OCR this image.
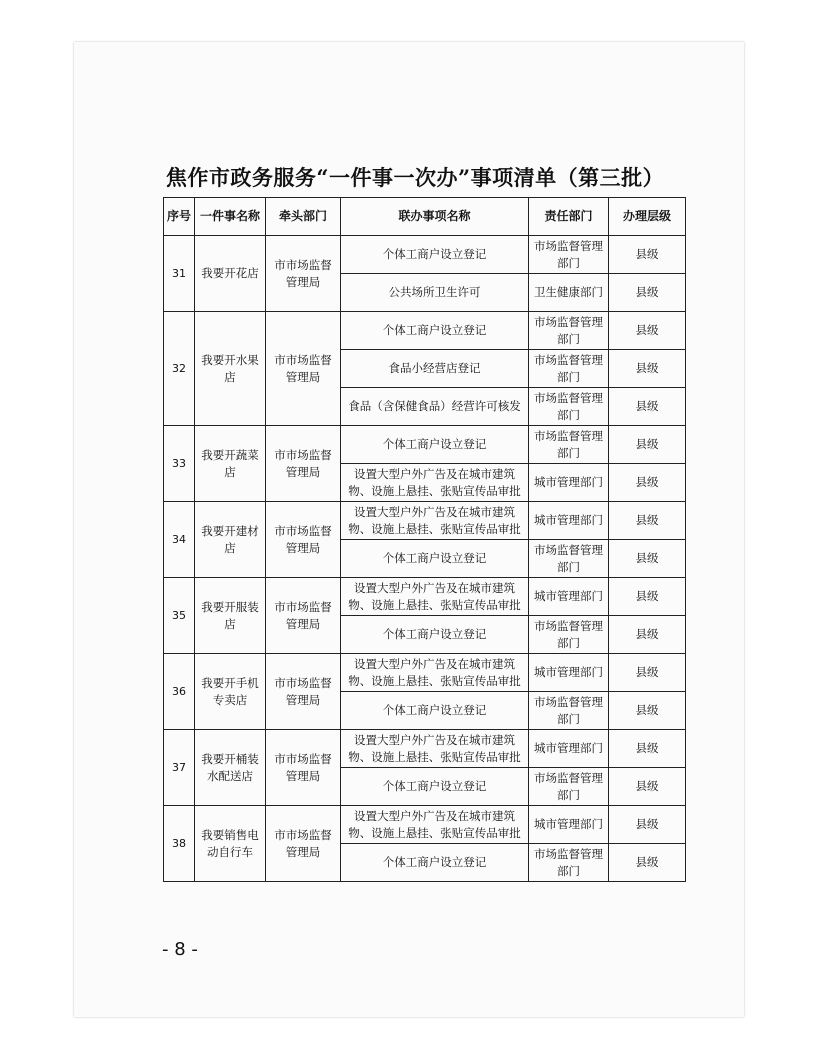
焦作市政务服务“一件事一次办”事项清单（第三批）
序号	一件事名称	牵头部门	联办事项名称	责任部门	办理层级
31	我要开花店	市市场监督管理局	个体工商户设立登记	市场监督管理部门	县级
			公共场所卫生许可	卫生健康部门	县级
32	我要开水果店	市市场监督管理局	个体工商户设立登记	市场监督管理部门	县级
			食品小经营店登记	市场监督管理部门	县级
			食品（含保健食品）经营许可核发	市场监督管理部门	县级
33	我要开蔬菜店	市市场监督管理局	个体工商户设立登记	市场监督管理部门	县级
			设置大型户外广告及在城市建筑物、设施上悬挂、张贴宣传品审批	城市管理部门	县级
34	我要开建材店	市市场监督管理局	设置大型户外广告及在城市建筑物、设施上悬挂、张贴宣传品审批	城市管理部门	县级
			个体工商户设立登记	市场监督管理部门	县级
35	我要开服装店	市市场监督管理局	设置大型户外广告及在城市建筑物、设施上悬挂、张贴宣传品审批	城市管理部门	县级
			个体工商户设立登记	市场监督管理部门	县级
36	我要开手机专卖店	市市场监督管理局	设置大型户外广告及在城市建筑物、设施上悬挂、张贴宣传品审批	城市管理部门	县级
			个体工商户设立登记	市场监督管理部门	县级
37	我要开桶装水配送店	市市场监督管理局	设置大型户外广告及在城市建筑物、设施上悬挂、张贴宣传品审批	城市管理部门	县级
			个体工商户设立登记	市场监督管理部门	县级
38	我要销售电动自行车	市市场监督管理局	设置大型户外广告及在城市建筑物、设施上悬挂、张贴宣传品审批	城市管理部门	县级
			个体工商户设立登记	市场监督管理部门	县级
- 8 -
